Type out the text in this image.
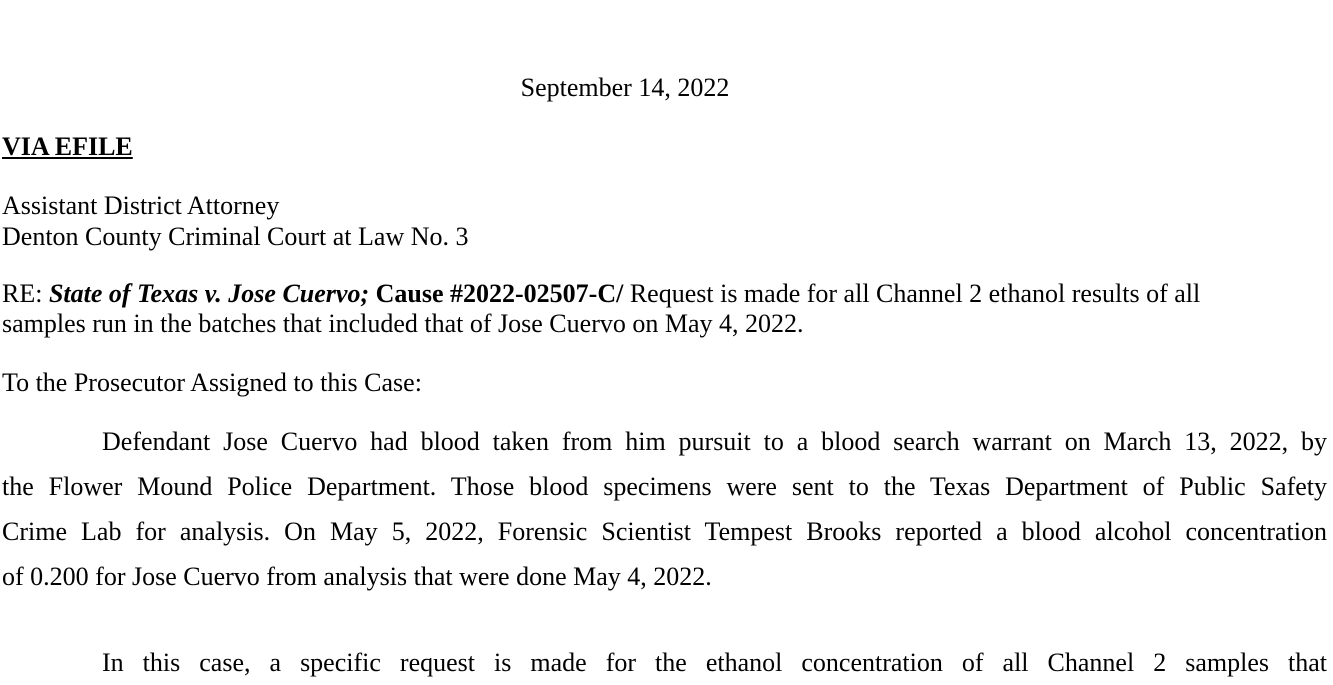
September 14, 2022
VIA EFILE
Assistant District Attorney
Denton County Criminal Court at Law No. 3
RE: State of Texas v. Jose Cuervo; Cause #2022-02507-C/ Request is made for all Channel 2 ethanol results of all
samples run in the batches that included that of Jose Cuervo on May 4, 2022.
To the Prosecutor Assigned to this Case:
Defendant Jose Cuervo had blood taken from him pursuit to a blood search warrant on March 13, 2022, by
the Flower Mound Police Department. Those blood specimens were sent to the Texas Department of Public Safety
Crime Lab for analysis. On May 5, 2022, Forensic Scientist Tempest Brooks reported a blood alcohol concentration
of 0.200 for Jose Cuervo from analysis that were done May 4, 2022.
In this case, a specific request is made for the ethanol concentration of all Channel 2 samples that
